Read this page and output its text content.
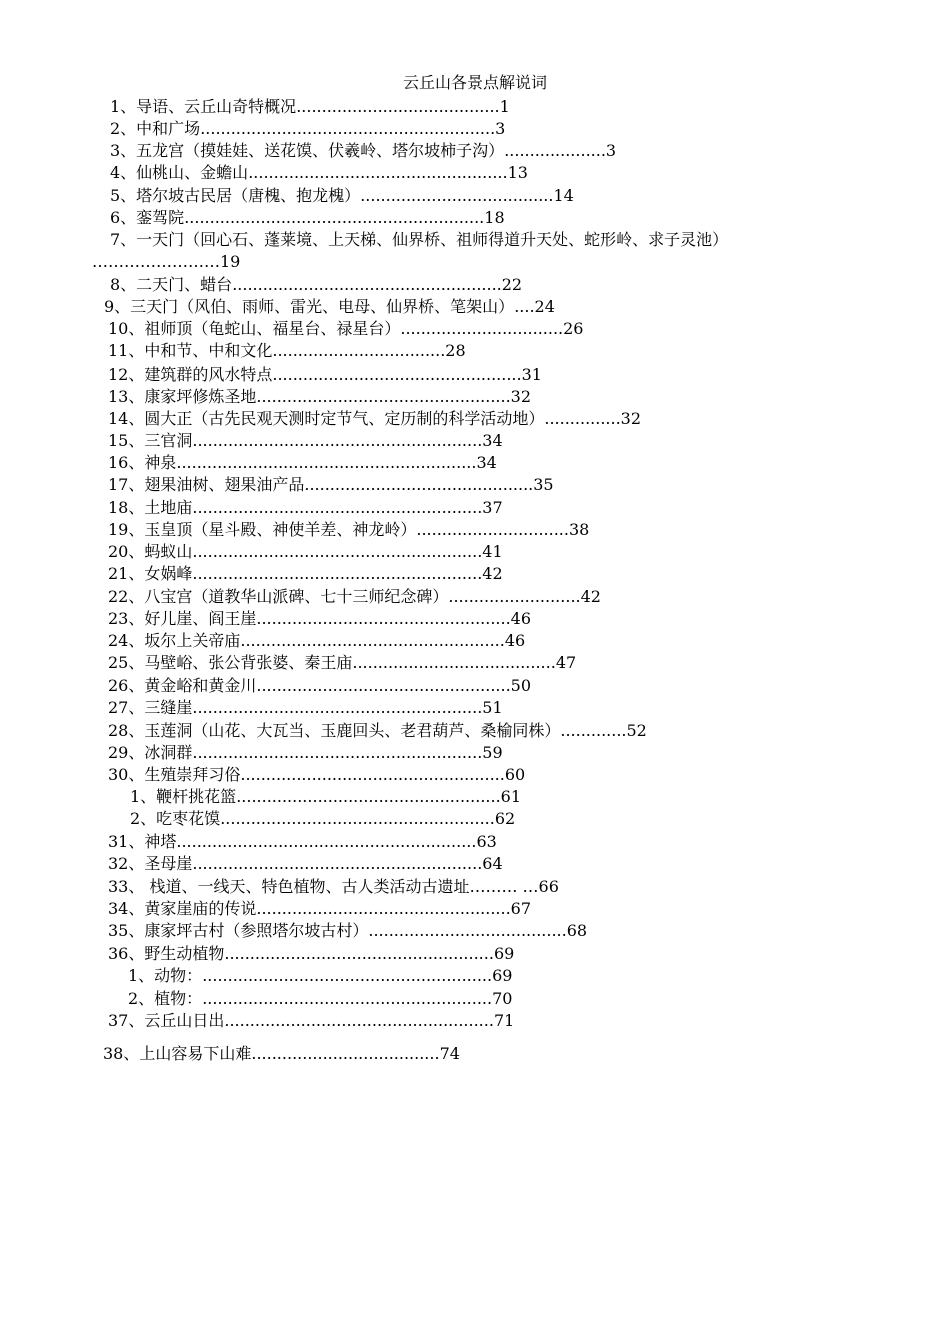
云丘山各景点解说词
1、导语、云丘山奇特概况........................................1
2、中和广场..........................................................3
3、五龙宫（摸娃娃、送花馍、伏羲岭、塔尔坡柿子沟）....................3
4、仙桃山、金蟾山...................................................13
5、塔尔坡古民居（唐槐、抱龙槐）......................................14
6、銮驾院...........................................................18
7、一天门（回心石、蓬莱境、上天梯、仙界桥、祖师得道升天处、蛇形岭、求子灵池）
……………………19
8、二天门、蜡台.....................................................22
9、三天门（风伯、雨师、雷光、电母、仙界桥、笔架山）....24
10、祖师顶（龟蛇山、福星台、禄星台）................................26
11、中和节、中和文化..................................28
12、建筑群的风水特点.................................................31
13、康家坪修炼圣地..................................................32
14、圆大正（古先民观天测时定节气、定历制的科学活动地）...............32
15、三官洞.........................................................34
16、神泉...........................................................34
17、翅果油树、翅果油产品.............................................35
18、土地庙.........................................................37
19、玉皇顶（星斗殿、神使羊差、神龙岭）..............................38
20、蚂蚁山.........................................................41
21、女娲峰.........................................................42
22、八宝宫（道教华山派碑、七十三师纪念碑）..........................42
23、好儿崖、阎王崖..................................................46
24、坂尔上关帝庙....................................................46
25、马壁峪、张公背张婆、秦王庙........................................47
26、黄金峪和黄金川..................................................50
27、三缝崖.........................................................51
28、玉莲洞（山花、大瓦当、玉鹿回头、老君葫芦、桑榆同株）.............52
29、冰洞群.........................................................59
30、生殖崇拜习俗....................................................60
1、鞭杆挑花篮....................................................61
2、吃枣花馍......................................................62
31、神塔...........................................................63
32、圣母崖.........................................................64
33、 栈道、一线天、特色植物、古人类活动古遗址……… …66
34、黄家崖庙的传说..................................................67
35、康家坪古村（参照塔尔坡古村）.......................................68
36、野生动植物.....................................................69
1、动物：.........................................................69
2、植物：.........................................................70
37、云丘山日出.....................................................71
38、上山容易下山难.....................................74
